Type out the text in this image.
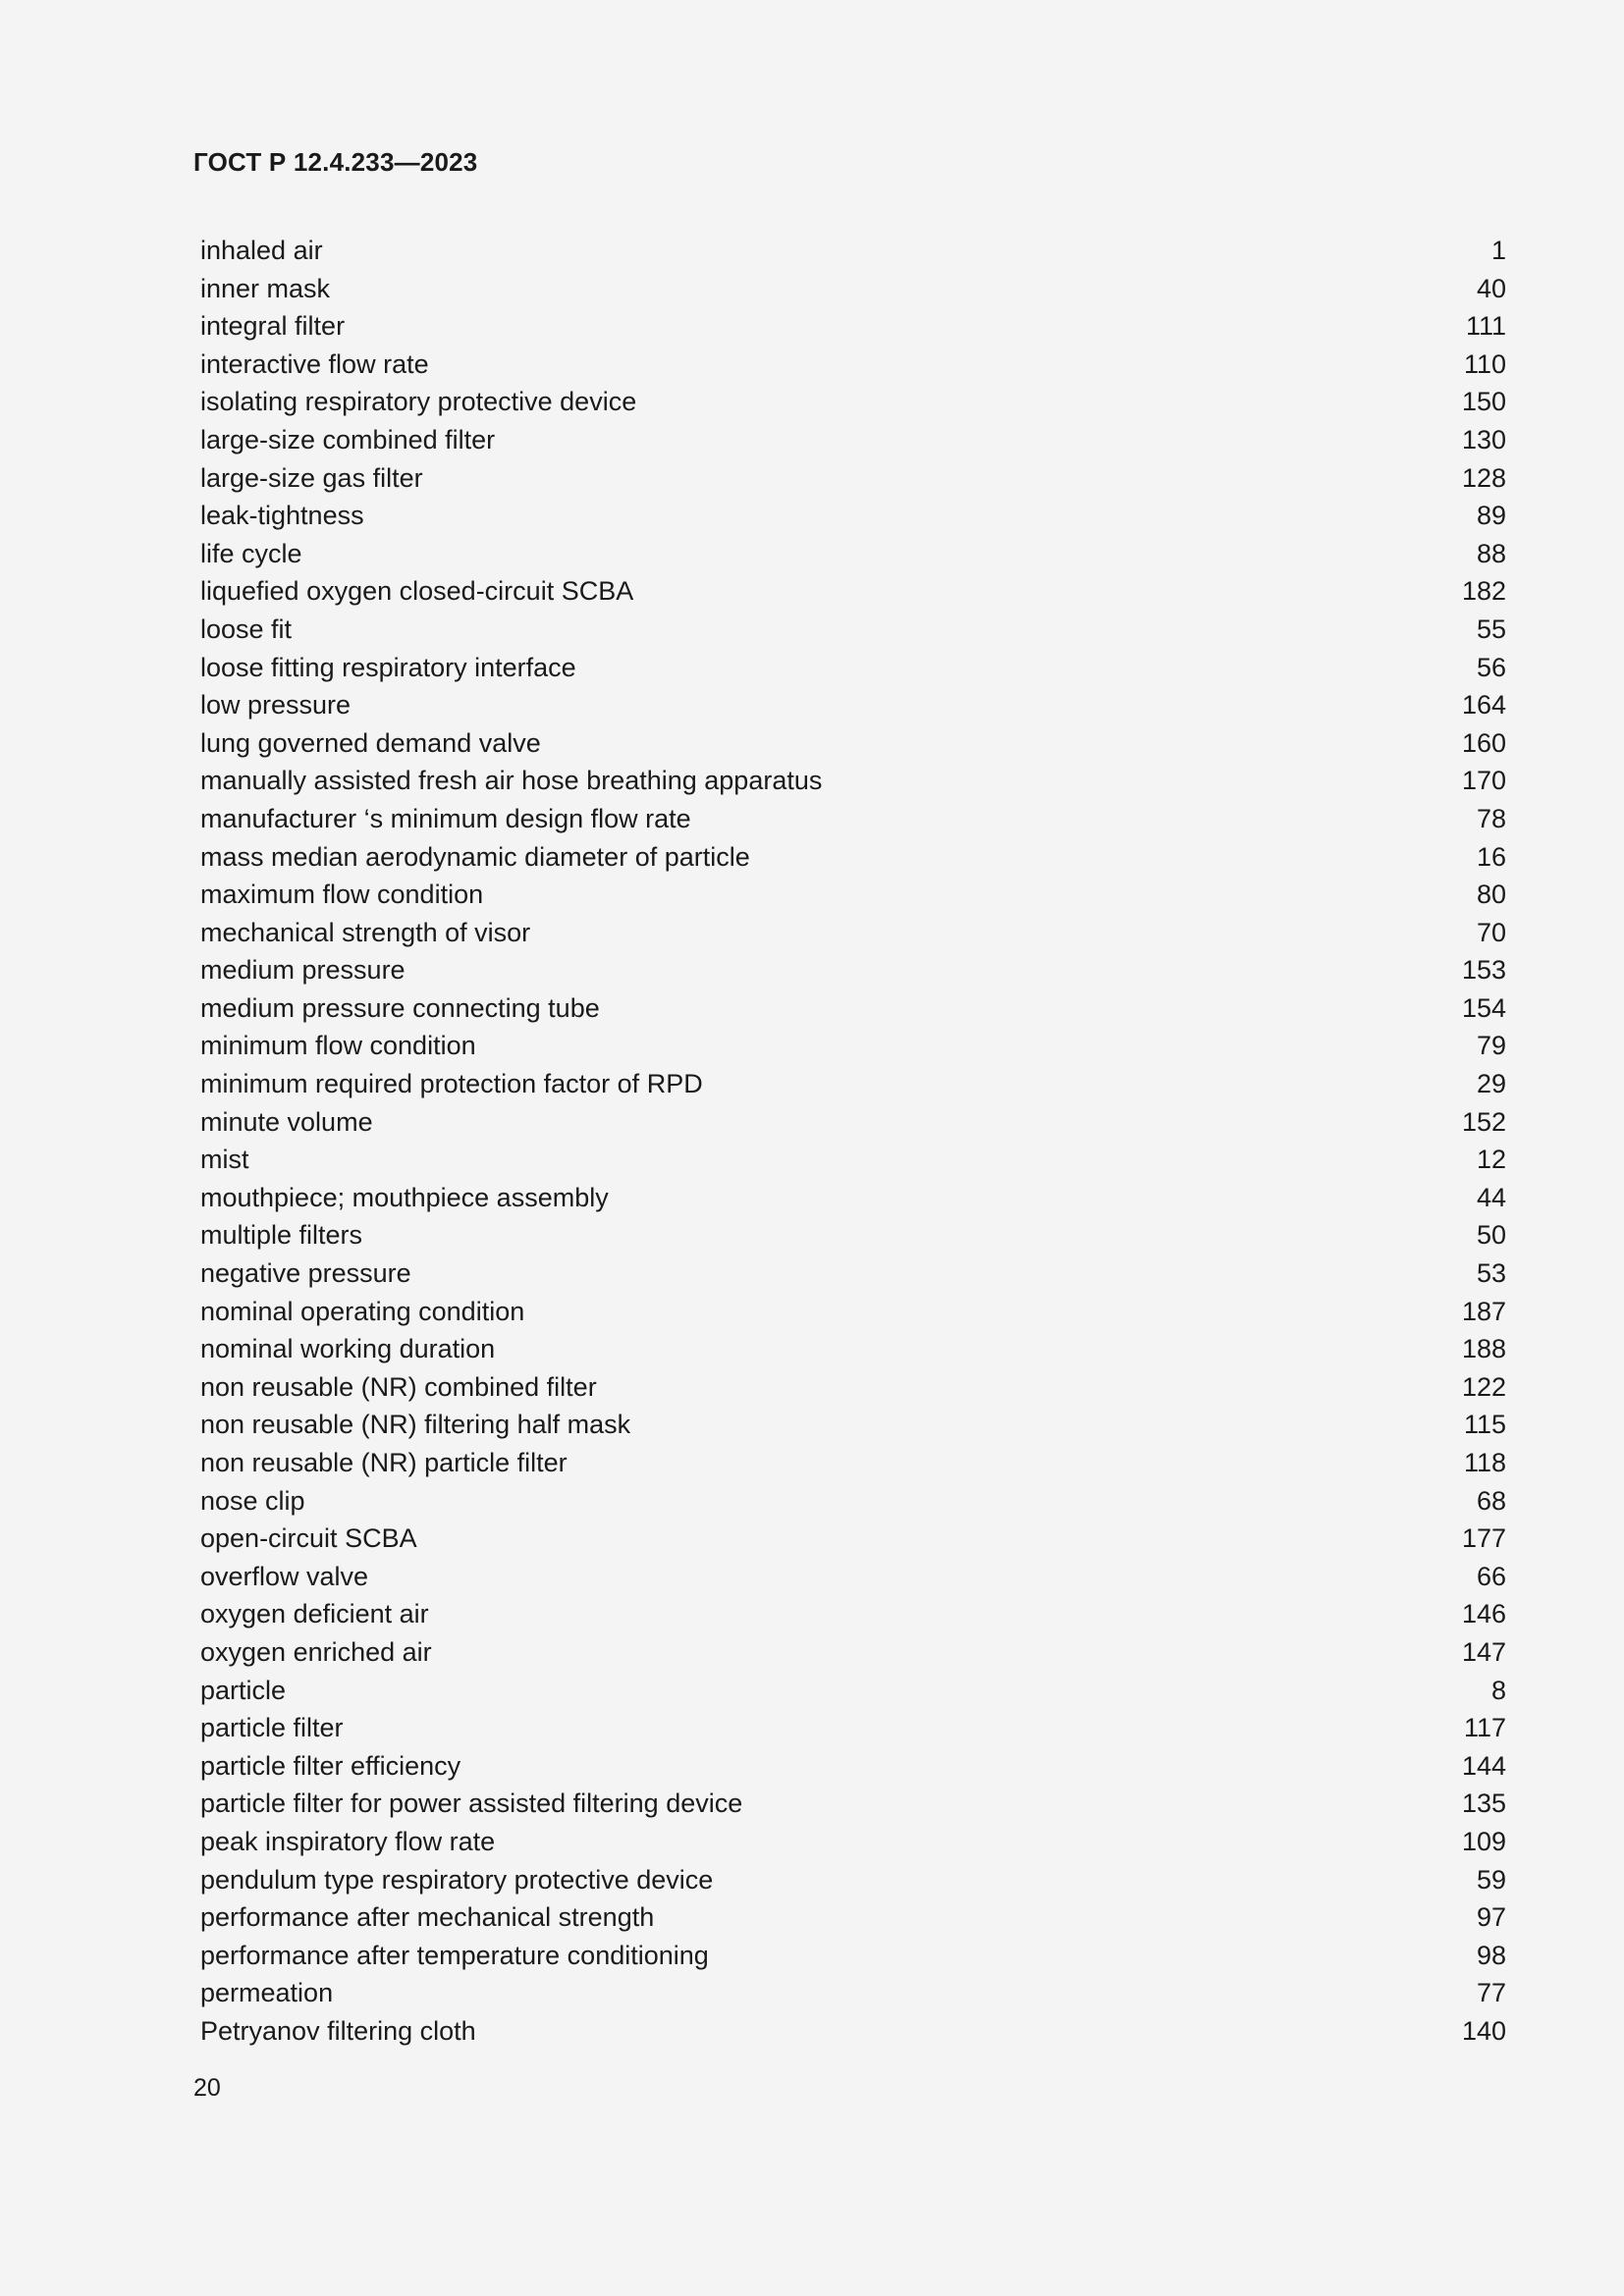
ГОСТ Р 12.4.233—2023
inhaled air	1
inner mask	40
integral filter	111
interactive flow rate	110
isolating respiratory protective device	150
large-size combined filter	130
large-size gas filter	128
leak-tightness	89
life cycle	88
liquefied oxygen closed-circuit SCBA	182
loose fit	55
loose fitting respiratory interface	56
low pressure	164
lung governed demand valve	160
manually assisted fresh air hose breathing apparatus	170
manufacturer ‘s minimum design flow rate	78
mass median aerodynamic diameter of particle	16
maximum flow condition	80
mechanical strength of visor	70
medium pressure	153
medium pressure connecting tube	154
minimum flow condition	79
minimum required protection factor of RPD	29
minute volume	152
mist	12
mouthpiece; mouthpiece assembly	44
multiple filters	50
negative pressure	53
nominal operating condition	187
nominal working duration	188
non reusable (NR) combined filter	122
non reusable (NR) filtering half mask	115
non reusable (NR) particle filter	118
nose clip	68
open-circuit SCBA	177
overflow valve	66
oxygen deficient air	146
oxygen enriched air	147
particle	8
particle filter	117
particle filter efficiency	144
particle filter for power assisted filtering device	135
peak inspiratory flow rate	109
pendulum type respiratory protective device	59
performance after mechanical strength	97
performance after temperature conditioning	98
permeation	77
Petryanov filtering cloth	140
20
